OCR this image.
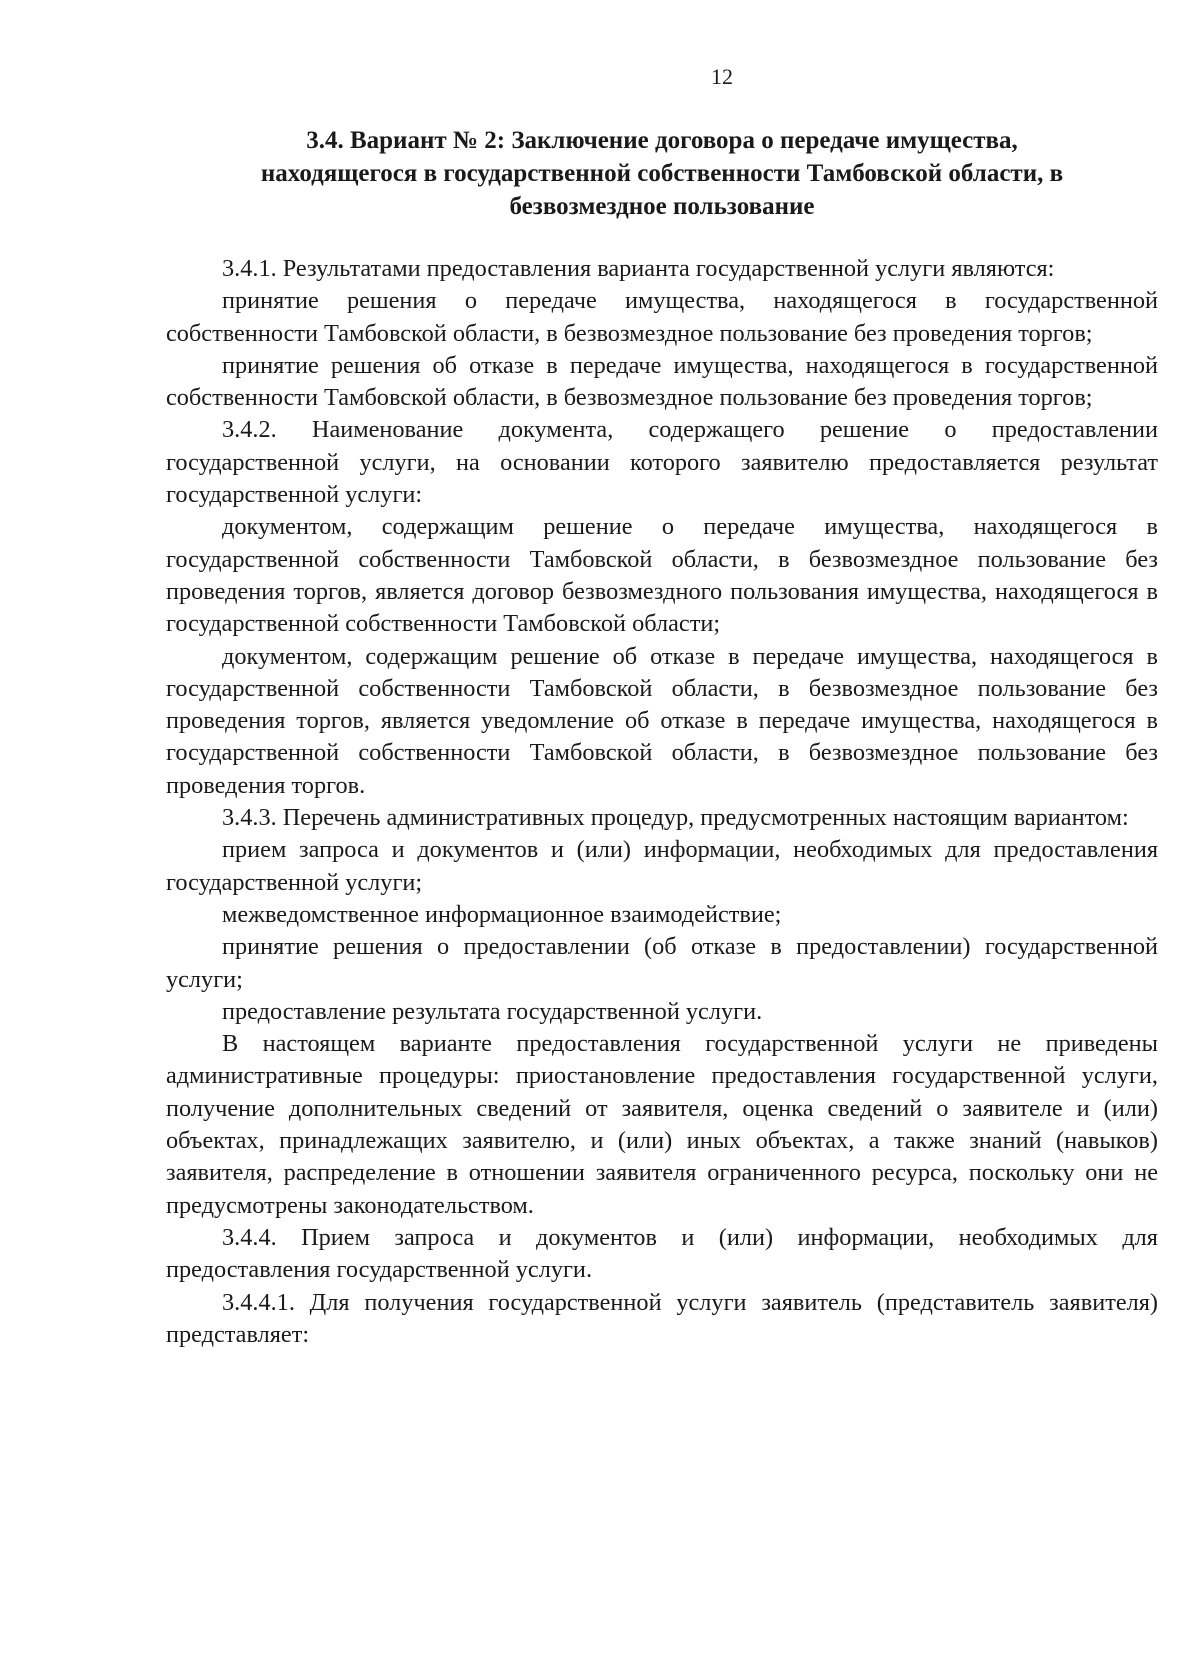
12
3.4. Вариант № 2: Заключение договора о передаче имущества,
находящегося в государственной собственности Тамбовской области, в
безвозмездное пользование

3.4.1. Результатами предоставления варианта государственной услуги являются:

принятие решения о передаче имущества, находящегося в государственной собственности Тамбовской области, в безвозмездное пользование без проведения торгов;

принятие решения об отказе в передаче имущества, находящегося в государственной собственности Тамбовской области, в безвозмездное пользование без проведения торгов;

3.4.2. Наименование документа, содержащего решение о предоставлении государственной услуги, на основании которого заявителю предоставляется результат государственной услуги:

документом, содержащим решение о передаче имущества, находящегося в государственной собственности Тамбовской области, в безвозмездное пользование без проведения торгов, является договор безвозмездного пользования имущества, находящегося в государственной собственности Тамбовской области;

документом, содержащим решение об отказе в передаче имущества, находящегося в государственной собственности Тамбовской области, в безвозмездное пользование без проведения торгов, является уведомление об отказе в передаче имущества, находящегося в государственной собственности Тамбовской области, в безвозмездное пользование без проведения торгов.

3.4.3. Перечень административных процедур, предусмотренных настоящим вариантом:

прием запроса и документов и (или) информации, необходимых для предоставления государственной услуги;

межведомственное информационное взаимодействие;

принятие решения о предоставлении (об отказе в предоставлении) государственной услуги;

предоставление результата государственной услуги.

В настоящем варианте предоставления государственной услуги не приведены административные процедуры: приостановление предоставления государственной услуги, получение дополнительных сведений от заявителя, оценка сведений о заявителе и (или) объектах, принадлежащих заявителю, и (или) иных объектах, а также знаний (навыков) заявителя, распределение в отношении заявителя ограниченного ресурса, поскольку они не предусмотрены законодательством.

3.4.4. Прием запроса и документов и (или) информации, необходимых для предоставления государственной услуги.

3.4.4.1. Для получения государственной услуги заявитель (представитель заявителя) представляет:
